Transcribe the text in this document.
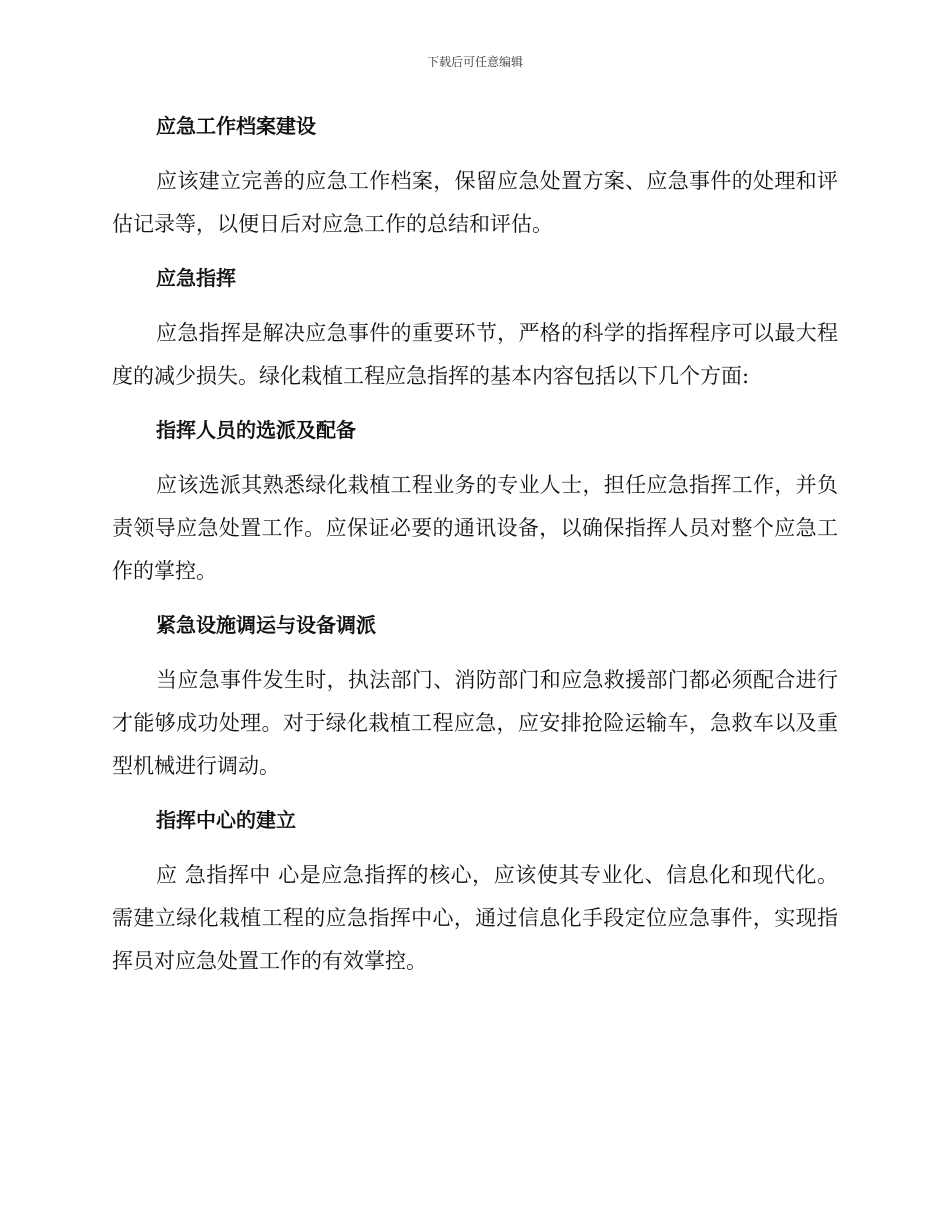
下载后可任意编辑
应急工作档案建设

应该建立完善的应急工作档案，保留应急处置方案、应急事件的处理和评估记录等，以便日后对应急工作的总结和评估。

应急指挥

应急指挥是解决应急事件的重要环节，严格的科学的指挥程序可以最大程度的减少损失。绿化栽植工程应急指挥的基本内容包括以下几个方面:

指挥人员的选派及配备

应该选派其熟悉绿化栽植工程业务的专业人士，担任应急指挥工作，并负责领导应急处置工作。应保证必要的通讯设备，以确保指挥人员对整个应急工作的掌控。

紧急设施调运与设备调派

当应急事件发生时，执法部门、消防部门和应急救援部门都必须配合进行才能够成功处理。对于绿化栽植工程应急，应安排抢险运输车，急救车以及重型机械进行调动。

指挥中心的建立

应 急指挥中 心是应急指挥的核心，应该使其专业化、信息化和现代化。需建立绿化栽植工程的应急指挥中心，通过信息化手段定位应急事件，实现指挥员对应急处置工作的有效掌控。
